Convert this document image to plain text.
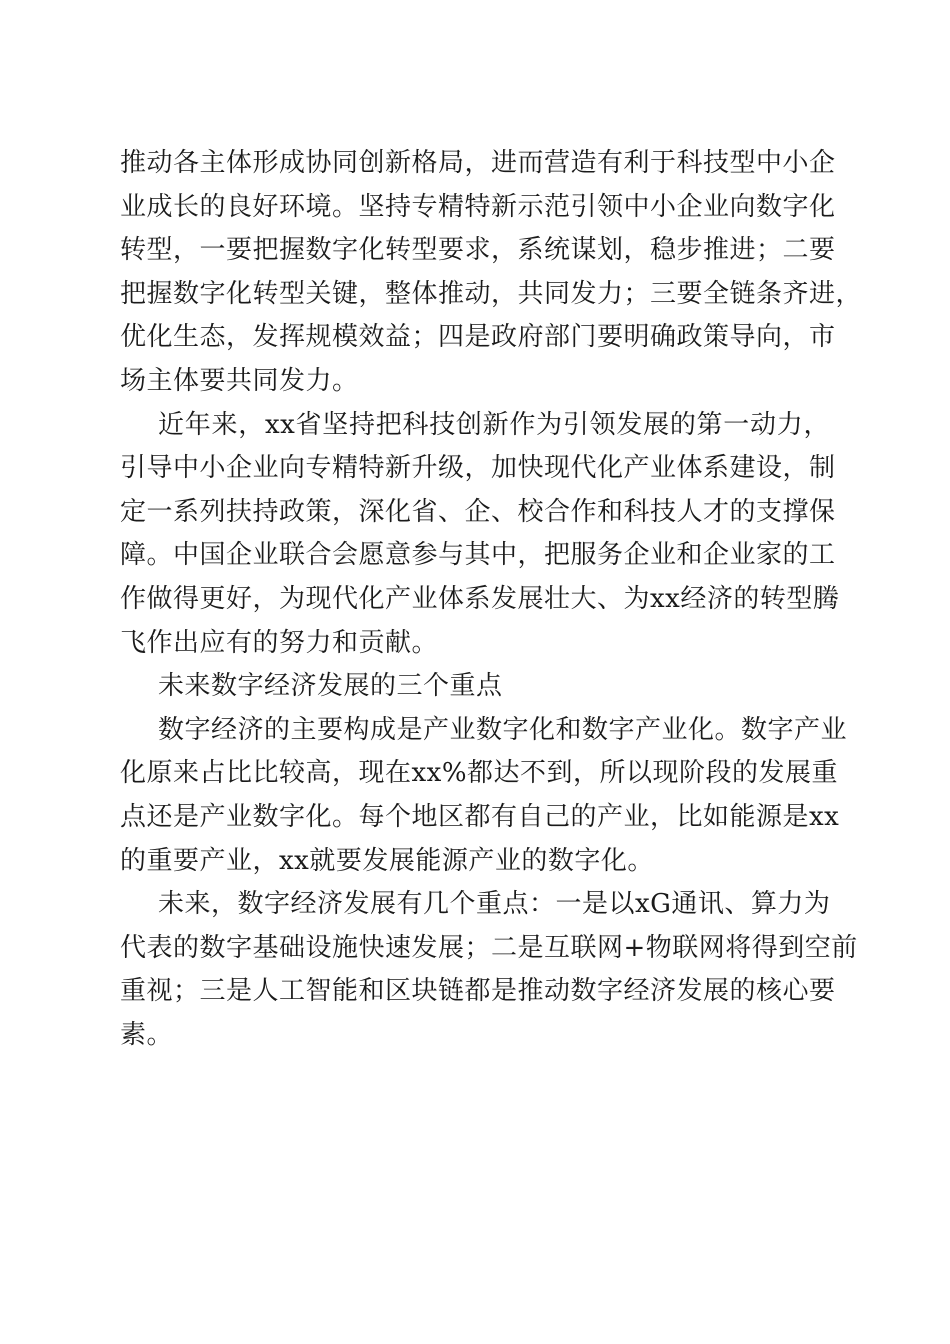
推动各主体形成协同创新格局，进而营造有利于科技型中小企
业成长的良好环境。坚持专精特新示范引领中小企业向数字化
转型，一要把握数字化转型要求，系统谋划，稳步推进；二要
把握数字化转型关键，整体推动，共同发力；三要全链条齐进，
优化生态，发挥规模效益；四是政府部门要明确政策导向，市
场主体要共同发力。
近年来，xx省坚持把科技创新作为引领发展的第一动力，
引导中小企业向专精特新升级，加快现代化产业体系建设，制
定一系列扶持政策，深化省、企、校合作和科技人才的支撑保
障。中国企业联合会愿意参与其中，把服务企业和企业家的工
作做得更好，为现代化产业体系发展壮大、为xx经济的转型腾
飞作出应有的努力和贡献。
未来数字经济发展的三个重点
数字经济的主要构成是产业数字化和数字产业化。数字产业
化原来占比比较高，现在xx%都达不到，所以现阶段的发展重
点还是产业数字化。每个地区都有自己的产业，比如能源是xx
的重要产业，xx就要发展能源产业的数字化。
未来，数字经济发展有几个重点：一是以xG通讯、算力为
代表的数字基础设施快速发展；二是互联网+物联网将得到空前
重视；三是人工智能和区块链都是推动数字经济发展的核心要
素。
